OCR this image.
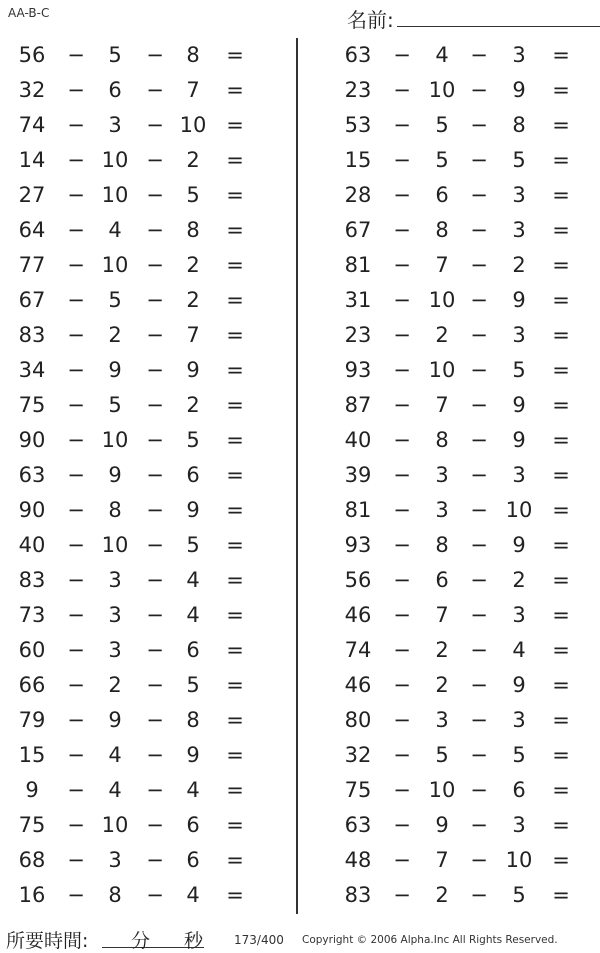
AA-B-C	名前:
56	−	5	−	8	=
32	−	6	−	7	=
74	−	3	− 10 =
14	− 10 −	2	=
27	− 10 −	5	=
64	−	4	−	8	=
77	− 10 −	2	=
67	−	5	−	2	=
83	−	2	−	7	=
34	−	9	−	9	=
75	−	5	−	2	=
90	− 10 −	5	=
63	−	9	−	6	=
90	−	8	−	9	=
40	− 10 −	5	=
83	−	3	−	4	=
73	−	3	−	4	=
60	−	3	−	6	=
66	−	2	−	5	=
79	−	9	−	8	=
15	−	4	−	9	=
9	−	4	−	4	=
75	− 10 −	6	=
68	−	3	−	6	=
16	−	8	−	4	=
63	−	4	−	3	=
23	− 10 −	9	=
53	−	5	−	8	=
15	−	5	−	5	=
28	−	6	−	3	=
67	−	8	−	3	=
81	−	7	−	2	=
31	− 10 −	9	=
23	−	2	−	3	=
93	− 10 −	5	=
87	−	7	−	9	=
40	−	8	−	9	=
39	−	3	−	3	=
81	−	3	− 10 =
93	−	8	−	9	=
56	−	6	−	2	=
46	−	7	−	3	=
74	−	2	−	4	=
46	−	2	−	9	=
80	−	3	−	3	=
32	−	5	−	5	=
75	− 10 −	6	=
63	−	9	−	3	=
48	−	7	− 10 =
83	−	2	−	5	=
所要時間: 分 秒	173/400 Copyright © 2006 Alpha.Inc All Rights Reserved.
